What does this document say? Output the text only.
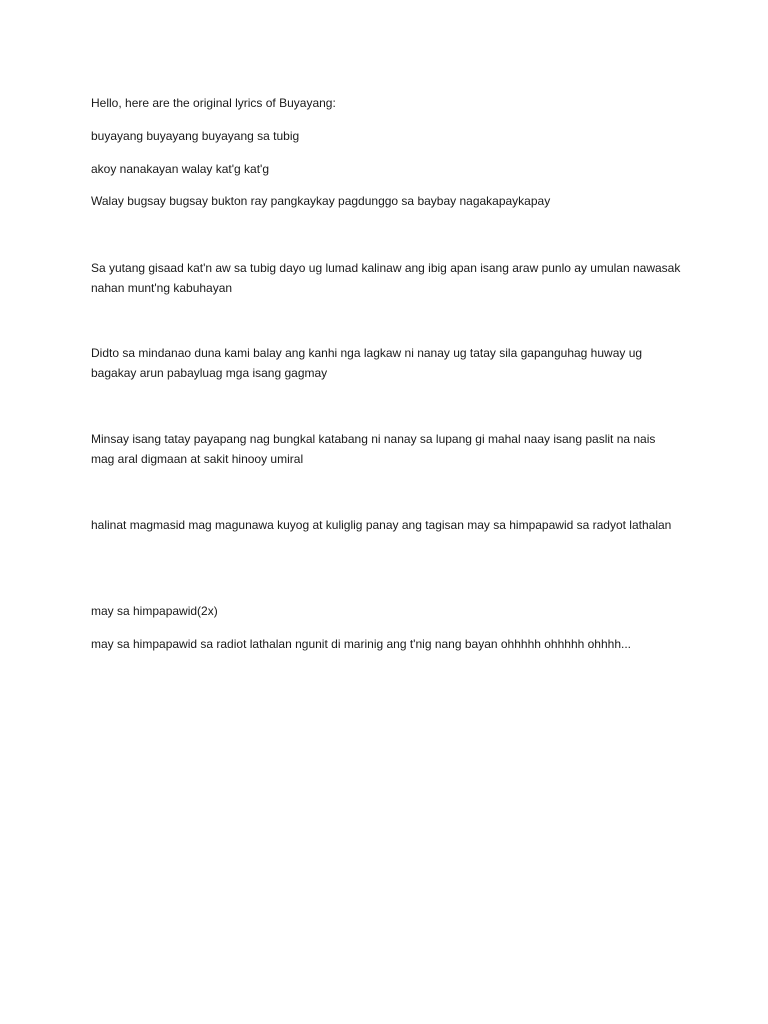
Hello, here are the original lyrics of Buyayang:

buyayang buyayang buyayang sa tubig

akoy nanakayan walay kat'g kat'g

Walay bugsay bugsay bukton ray pangkaykay pagdunggo sa baybay nagakapaykapay

Sa yutang gisaad kat'n aw sa tubig dayo ug lumad kalinaw ang ibig apan isang araw punlo ay umulan nawasak nahan munt'ng kabuhayan

Didto sa mindanao duna kami balay ang kanhi nga lagkaw ni nanay ug tatay sila gapanguhag huway ug bagakay arun pabayluag mga isang gagmay

Minsay isang tatay payapang nag bungkal katabang ni nanay sa lupang gi mahal naay isang paslit na nais mag aral digmaan at sakit hinooy umiral

halinat magmasid mag magunawa kuyog at kuliglig panay ang tagisan may sa himpapawid sa radyot lathalan

may sa himpapawid(2x)

may sa himpapawid sa radiot lathalan ngunit di marinig ang t'nig nang bayan ohhhhh ohhhhh ohhhh...
